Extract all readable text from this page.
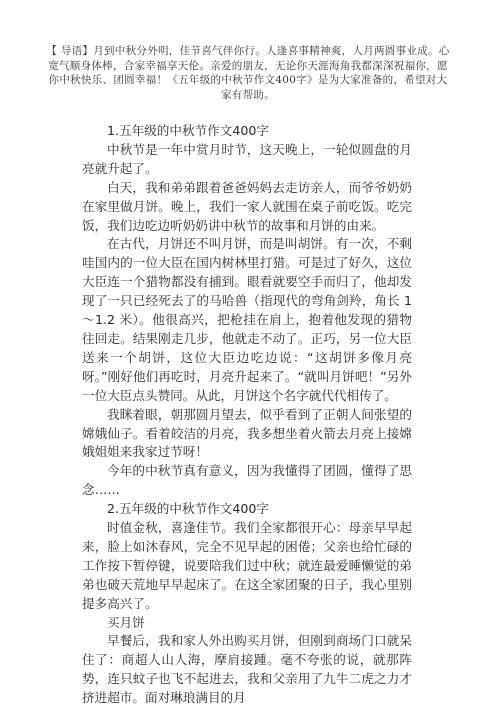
【 导语】月到中秋分外明，佳节喜气伴你行。人逢喜事精神爽，人月两圆事业成。心宽气顺身体棒，合家幸福享天伦。亲爱的朋友，无论你天涯海角我都深深祝福你，愿你中秋快乐、团圆幸福！《五年级的中秋节作文400字》是为大家准备的，希望对大家有帮助。

1.五年级的中秋节作文400字

中秋节是一年中赏月时节，这天晚上，一轮似圆盘的月亮就升起了。

白天，我和弟弟跟着爸爸妈妈去走访亲人，而爷爷奶奶在家里做月饼。晚上，我们一家人就围在桌子前吃饭。吃完饭，我们边吃边听奶奶讲中秋节的故事和月饼的由来。

在古代，月饼还不叫月饼，而是叫胡饼。有一次，不剩哇国内的一位大臣在国内树林里打猎。可是过了好久，这位大臣连一个猎物都没有捕到。眼看就要空手而归了，他却发现了一只已经死去了的马哈兽（指现代的弯角剑羚，角长 1～1.2 米）。他很高兴，把枪挂在肩上，抱着他发现的猎物往回走。结果刚走几步，他就走不动了。正巧，另一位大臣送来一个胡饼，这位大臣边吃边说：“这胡饼多像月亮呀。”刚好他们再吃时，月亮升起来了。“就叫月饼吧！”另外一位大臣点头赞同。从此，月饼这个名字就代代相传了。

我眯着眼，朝那圆月望去，似乎看到了正朝人间张望的嫦娥仙子。看着皎洁的月亮，我多想坐着火箭去月亮上接嫦娥姐姐来我家过节呀！

今年的中秋节真有意义，因为我懂得了团圆，懂得了思念……

2.五年级的中秋节作文400字

时值金秋，喜逢佳节。我们全家都很开心：母亲早早起来，脸上如沐春风，完全不见早起的困倦；父亲也给忙碌的工作按下暂停键，说要陪我们过中秋；就连最爱睡懒觉的弟弟也破天荒地早早起床了。在这全家团聚的日子，我心里别提多高兴了。

买月饼

早餐后，我和家人外出购买月饼，但刚到商场门口就呆住了：商超人山人海，摩肩接踵。毫不夸张的说，就那阵势，连只蚊子也飞不起进去，我和父亲用了九牛二虎之力才挤进超市。面对琳琅满目的月
